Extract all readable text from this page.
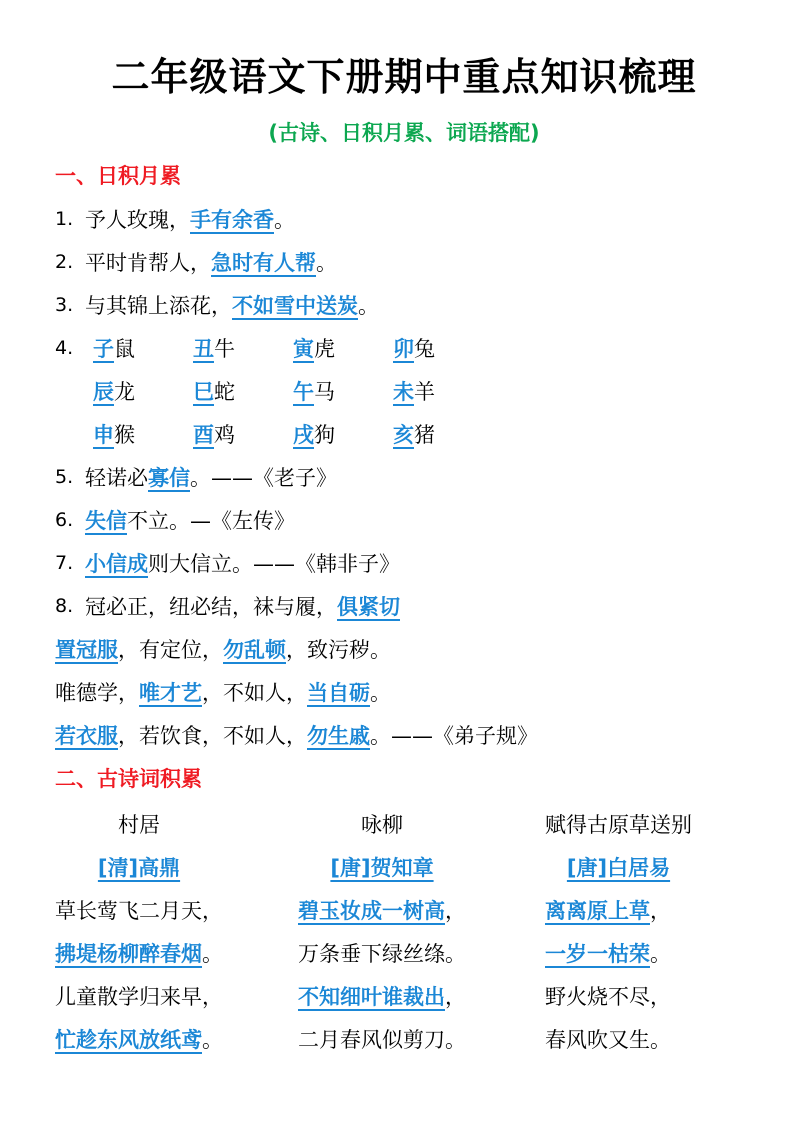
二年级语文下册期中重点知识梳理
(古诗、日积月累、词语搭配)
一、日积月累
1. 予人玫瑰， 手有余香 。
2. 平时肯帮人， 急时有人帮 。
3. 与其锦上添花， 不如雪中送炭 。
4. 子鼠	丑牛	寅虎	卯兔
辰龙	巳蛇	午马	未羊
申猴	酉鸡	戌狗	亥猪
5. 轻诺必 寡信 。——《老子》
6. 失信 不立。—《左传》
7. 小信成 则大信立。——《韩非子》
8. 冠必正，纽必结，袜与履， 俱紧切
置冠服 ，有定位， 勿乱顿 ，致污秽。
唯德学， 唯才艺 ，不如人， 当自砺 。
若衣服 ，若饮食，不如人， 勿生戚 。——《弟子规》
二、古诗词积累
村居
[清]高鼎
草长莺飞二月天，
拂堤杨柳醉春烟 。
儿童散学归来早，
忙趁东风放纸鸢 。
咏柳
[唐]贺知章
碧玉妆成一树高 ，
万条垂下绿丝绦。
不知细叶谁裁出 ，
二月春风似剪刀。
赋得古原草送别
[唐]白居易
离离原上草 ，
一岁一枯荣 。
野火烧不尽，
春风吹又生。
